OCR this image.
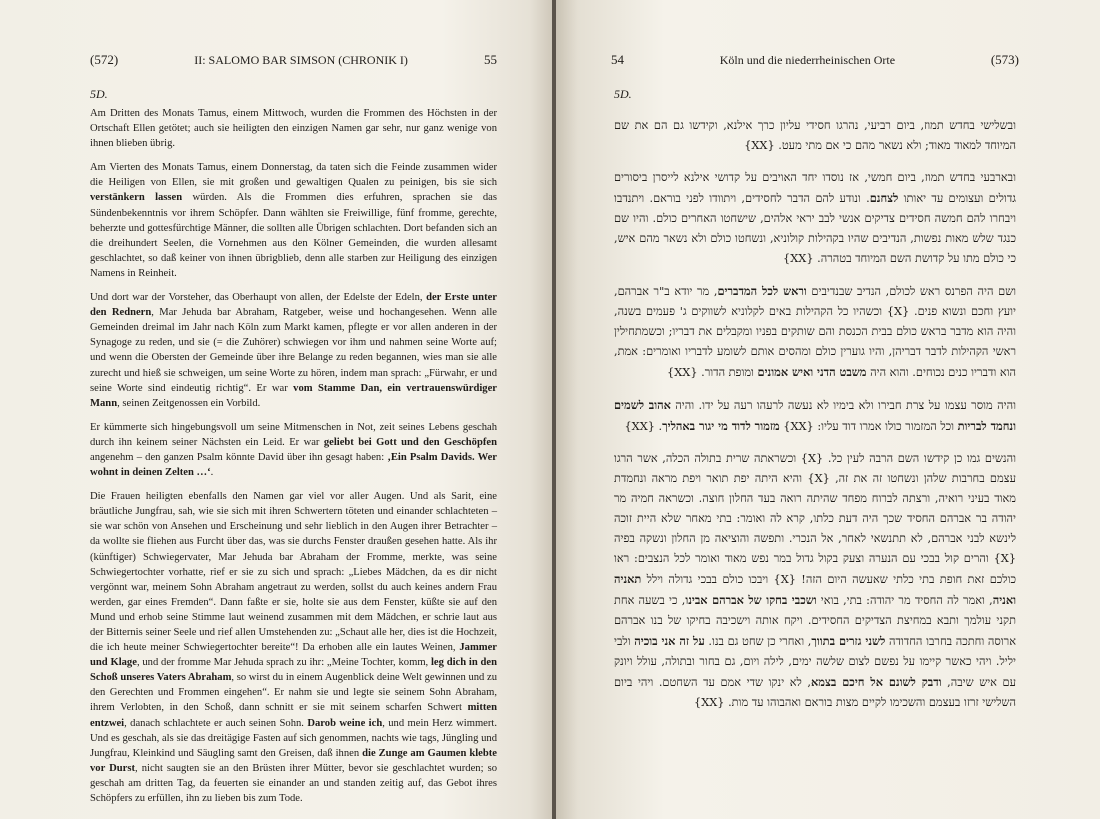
(572)	II: SALOMO BAR SIMSON (CHRONIK I)	55
5D.

Am Dritten des Monats Tamus, einem Mittwoch, wurden die Frommen des Höchsten in der Ortschaft Ellen getötet; auch sie heiligten den einzigen Namen gar sehr, nur ganz wenige von ihnen blieben übrig.

Am Vierten des Monats Tamus, einem Donnerstag, da taten sich die Feinde zusammen wider die Heiligen von Ellen, sie mit großen und gewaltigen Qualen zu peinigen, bis sie sich verstänkern lassen würden. Als die Frommen dies erfuhren, sprachen sie das Sündenbekenntnis vor ihrem Schöpfer. Dann wählten sie Freiwillige, fünf fromme, gerechte, beherzte und gottesfürchtige Männer, die sollten alle Übrigen schlachten. Dort befanden sich an die dreihundert Seelen, die Vornehmen aus den Kölner Gemeinden, die wurden allesamt geschlachtet, so daß keiner von ihnen übrigblieb, denn alle starben zur Heiligung des einzigen Namens in Reinheit.

Und dort war der Vorsteher, das Oberhaupt von allen, der Edelste der Edeln, der Erste unter den Rednern, Mar Jehuda bar Abraham, Ratgeber, weise und hochangesehen. Wenn alle Gemeinden dreimal im Jahr nach Köln zum Markt kamen, pflegte er vor allen anderen in der Synagoge zu reden, und sie (= die Zuhörer) schwiegen vor ihm und nahmen seine Worte auf; und wenn die Obersten der Gemeinde über ihre Belange zu reden begannen, wies man sie alle zurecht und hieß sie schweigen, um seine Worte zu hören, indem man sprach: „Fürwahr, er und seine Worte sind eindeutig richtig“. Er war vom Stamme Dan, ein vertrauenswürdiger Mann, seinen Zeitgenossen ein Vorbild.

Er kümmerte sich hingebungsvoll um seine Mitmenschen in Not, zeit seines Lebens geschah durch ihn keinem seiner Nächsten ein Leid. Er war geliebt bei Gott und den Geschöpfen angenehm – den ganzen Psalm könnte David über ihn gesagt haben: ‚Ein Psalm Davids. Wer wohnt in deinen Zelten …‘.

Die Frauen heiligten ebenfalls den Namen gar viel vor aller Augen. Und als Sarit, eine bräutliche Jungfrau, sah, wie sie sich mit ihren Schwertern töteten und einander schlachteten – sie war schön von Ansehen und Erscheinung und sehr lieblich in den Augen ihrer Betrachter – da wollte sie fliehen aus Furcht über das, was sie durchs Fenster draußen gesehen hatte. Als ihr (künftiger) Schwiegervater, Mar Jehuda bar Abraham der Fromme, merkte, was seine Schwiegertochter vorhatte, rief er sie zu sich und sprach: „Liebes Mädchen, da es dir nicht vergönnt war, meinem Sohn Abraham angetraut zu werden, sollst du auch keines andern Frau werden, gar eines Fremden“. Dann faßte er sie, holte sie aus dem Fenster, küßte sie auf den Mund und erhob seine Stimme laut weinend zusammen mit dem Mädchen, er schrie laut aus der Bitternis seiner Seele und rief allen Umstehenden zu: „Schaut alle her, dies ist die Hochzeit, die ich heute meiner Schwiegertochter bereite“! Da erhoben alle ein lautes Weinen, Jammer und Klage, und der fromme Mar Jehuda sprach zu ihr: „Meine Tochter, komm, leg dich in den Schoß unseres Vaters Abraham, so wirst du in einem Augenblick deine Welt gewinnen und zu den Gerechten und Frommen eingehen“. Er nahm sie und legte sie seinem Sohn Abraham, ihrem Verlobten, in den Schoß, dann schnitt er sie mit seinem scharfen Schwert mitten entzwei, danach schlachtete er auch seinen Sohn. Darob weine ich, und mein Herz wimmert. Und es geschah, als sie das dreitägige Fasten auf sich genommen, nachts wie tags, Jüngling und Jungfrau, Kleinkind und Säugling samt den Greisen, daß ihnen die Zunge am Gaumen klebte vor Durst, nicht saugten sie an den Brüsten ihrer Mütter, bevor sie geschlachtet wurden; so geschah am dritten Tag, da feuerten sie einander an und standen zeitig auf, das Gebot ihres Schöpfers zu erfüllen, ihn zu lieben bis zum Tode.

54	Köln und die niederrheinischen Orte	(573)
5D.

ובשלישי בחדש תמוז, ביום רביעי, נהרגו חסידי עליון כרך אילנא, וקידשו גם הם את שם המיוחד למאוד מאוד; ולא נשאר מהם כי אם מתי מעט. {XX}

ובארבעי בחדש תמוז, ביום חמשי, אז נוסדו יחד האויבים על קדושי אילנא לייסרן ביסורים גדולים ועצומים עד יאותו לצחנם. ונודע להם הדבר לחסידים, ויתוודו לפני בוראם. ויתנדבו ויבחרו להם חמשה חסידים צדיקים אנשי לבב יראי אלהים, שישחטו האחרים כולם. והיו שם כנגד שלש מאות נפשות, הנדיבים שהיו בקהילות קולוניא, ונשחטו כולם ולא נשאר מהם איש, כי כולם מתו על קדושת השם המיוחד בטהרה. {XX}

ושם היה הפרנס ראש לכולם, הנדיב שבנדיבים וראש לכל המדברים, מר יודא ב"ר אברהם, יועץ וחכם ונשוא פנים. {X} וכשהיו כל הקהילות באים לקלוניא לשווקים ג' פעמים בשנה, והיה הוא מדבר בראש כולם בבית הכנסת והם שותקים בפניו ומקבלים את דבריו; וכשמתחילין ראשי הקהילות לדבר דבריהן, והיו גוערין כולם ומהסים אותם לשומע לדבריו ואומרים: אמת, הוא ודבריו כנים נכוחים. והוא היה משבט הדני ואיש אמונים ומופת הדור. {XX}

והיה מוסר עצמו על צרת חבירו ולא בימיו לא נעשה לרעהו רעה על ידו. והיה אהוב לשמים ונחמד לבריות וכל המזמור כולו אמרו דוד עליו: {XX} מזמור לדוד מי יגור באהליך. {XX}

והנשים גמו כן קידשו השם הרבה לעין כל. {X} וכשראתה שרית בתולה הכלה, אשר הרגו עצמם בחרבות שלהן ונשחטו זה את זה, {X} והיא היתה יפת תואר ויפת מראה ונחמדת מאוד בעיני רואיה, ורצתה לברוח מפחד שהיתה רואה בעד החלון חוצה. וכשראה חמיה מר יהודה בר אברהם החסיד שכך היה דעת כלתו, קרא לה ואומר: בתי מאחר שלא היית זוכה לינשא לבני אברהם, לא תתנשאי לאחר, אל הנכרי. ותפשה והוציאה מן החלון ונשקה בפיה {X} והרים קול בבכי עם הנערה וצעק בקול גדול במר נפש מאוד ואומר לכל הנצבים: ראו כולכם זאת חופת בתי כלתי שאעשה היום הזה! {X} ויבכו כולם בבכי גדולה וילל תאניה ואניה, ואמר לה החסיד מר יהודה: בתי, בואי ושכבי בחקו של אברהם אבינו, כי בשעה אחת תקני עולמך ותבא במחיצת הצדיקים החסידים. ויקח אותה וישכיבה בחיקו של בנו אברהם ארוסה וחתכה בחרבו החדודה לשני גזרים בתווך, ואחרי כן שחט גם בנו. על זה אני בוכיה ולבי יליל. ויהי כאשר קיימו על נפשם לצום שלשה ימים, לילה ויום, גם בחור ובתולה, עולל ויונק עם איש שיבה, ודבק לשונם אל חיכם בצמא, לא ינקו שדי אמם עד השחטם. ויהי ביום השלישי זרזו בעצמם והשכימו לקיים מצות בוראם ואהבוהו עד מות. {XX}
